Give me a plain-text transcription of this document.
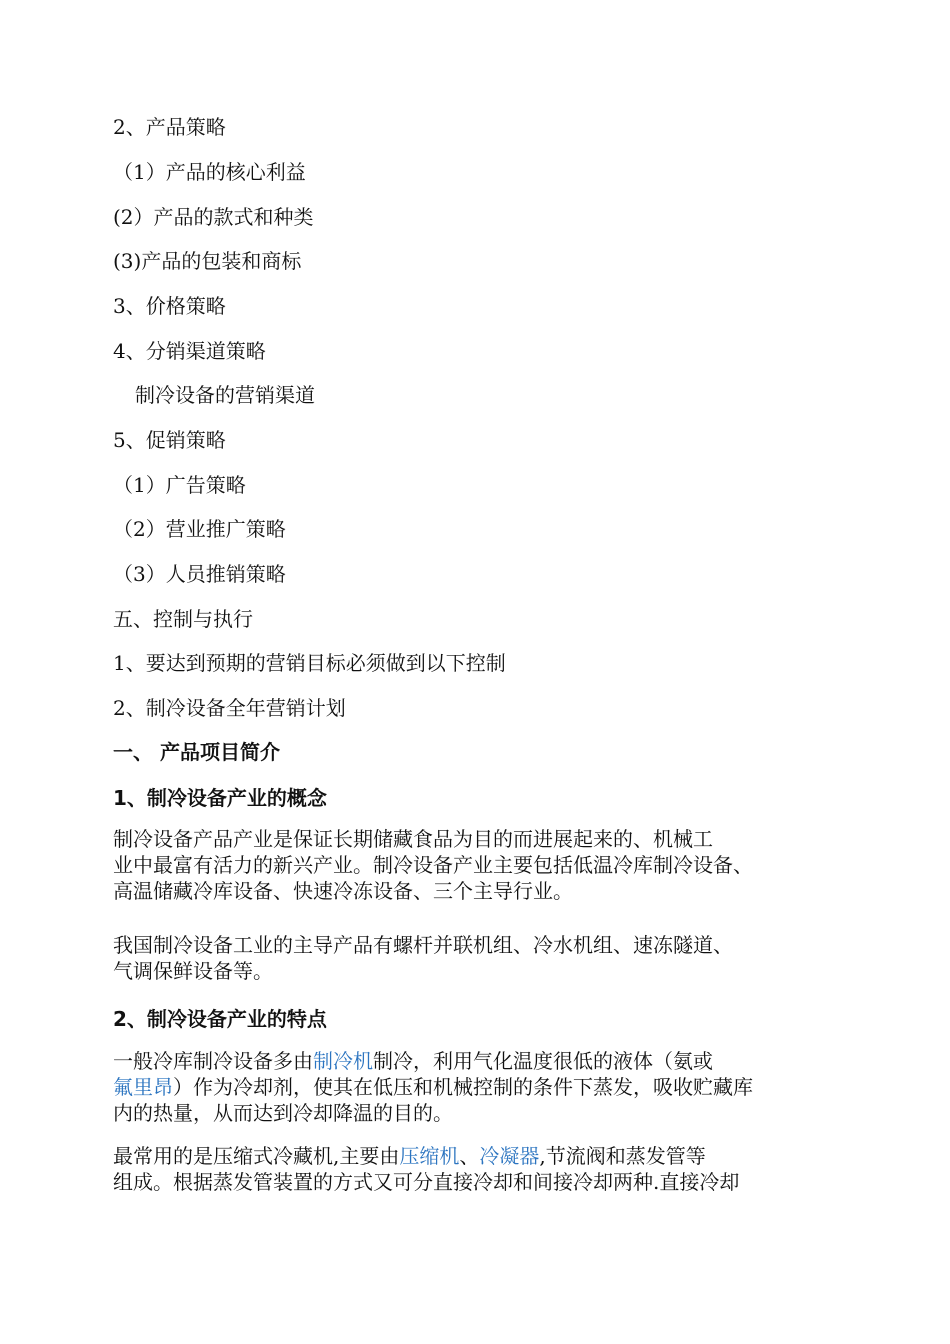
2、产品策略
（1）产品的核心利益
(2）产品的款式和种类
(3)产品的包装和商标
3、价格策略
4、分销渠道策略
制冷设备的营销渠道
5、促销策略
（1）广告策略
（2）营业推广策略
（3）人员推销策略
五、控制与执行
1、要达到预期的营销目标必须做到以下控制
2、制冷设备全年营销计划
一、 产品项目简介
1、制冷设备产业的概念
制冷设备产品产业是保证长期储藏食品为目的而进展起来的、机械工
业中最富有活力的新兴产业。制冷设备产业主要包括低温冷库制冷设备、
高温储藏冷库设备、快速冷冻设备、三个主导行业。
我国制冷设备工业的主导产品有螺杆并联机组、冷水机组、速冻隧道、
气调保鲜设备等。
2、制冷设备产业的特点
一般冷库制冷设备多由制冷机制冷，利用气化温度很低的液体（氨或
氟里昂）作为冷却剂，使其在低压和机械控制的条件下蒸发，吸收贮藏库
内的热量，从而达到冷却降温的目的。
最常用的是压缩式冷藏机,主要由压缩机、冷凝器,节流阀和蒸发管等
组成。根据蒸发管装置的方式又可分直接冷却和间接冷却两种.直接冷却
